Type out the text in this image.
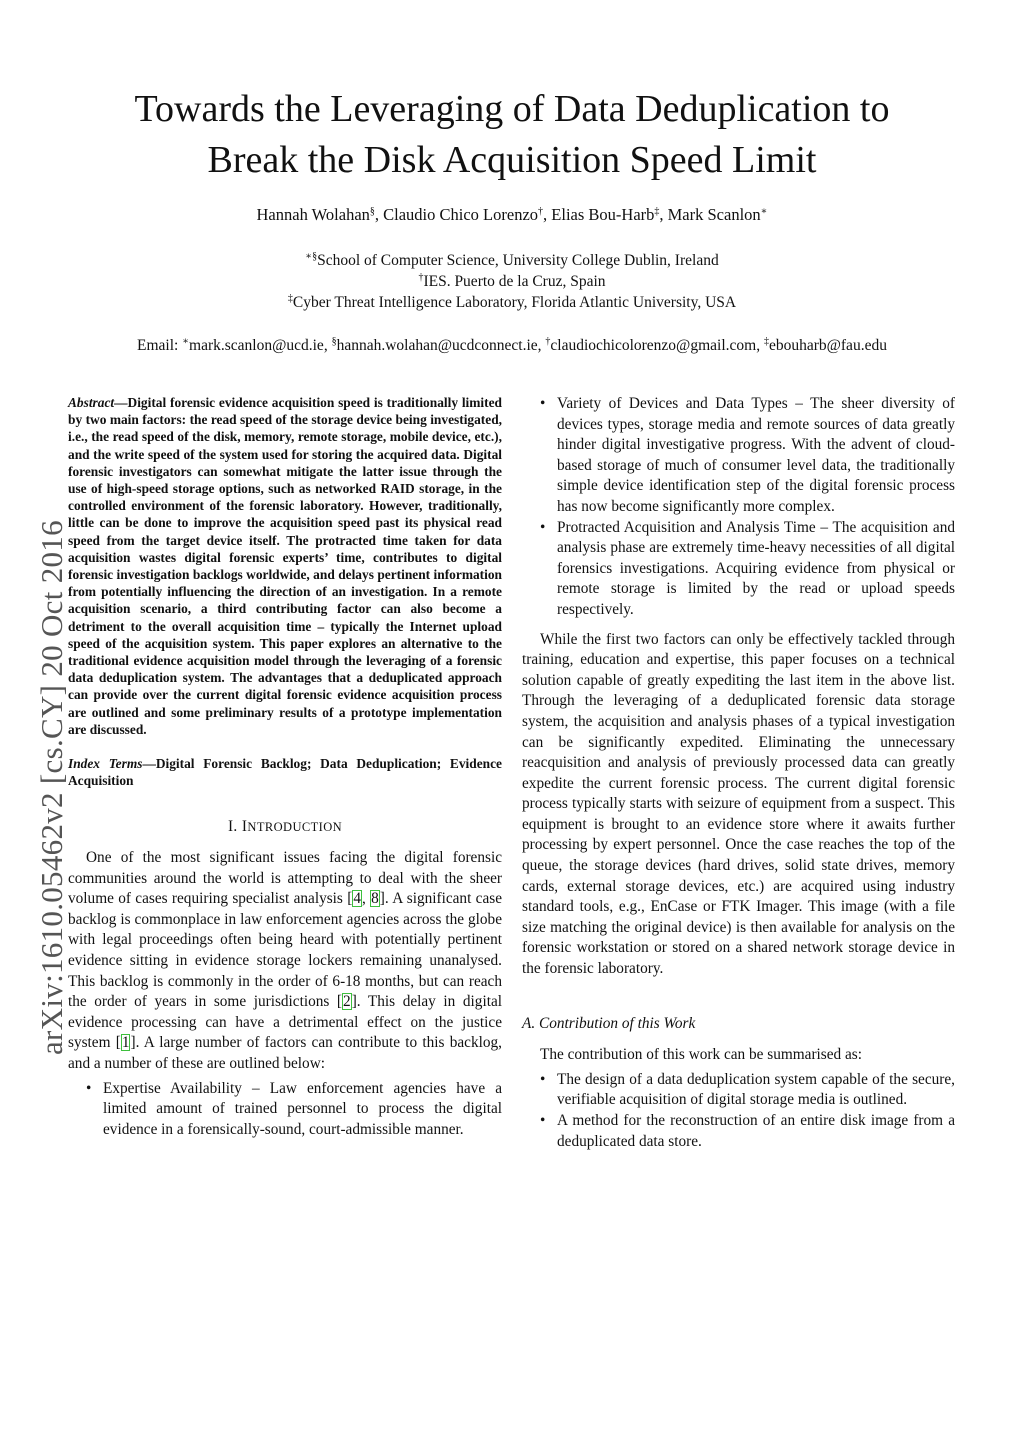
Towards the Leveraging of Data Deduplication to
Break the Disk Acquisition Speed Limit
Hannah Wolahan§, Claudio Chico Lorenzo†, Elias Bou-Harb‡, Mark Scanlon∗
∗§School of Computer Science, University College Dublin, Ireland
†IES. Puerto de la Cruz, Spain
‡Cyber Threat Intelligence Laboratory, Florida Atlantic University, USA
Email: ∗mark.scanlon@ucd.ie, §hannah.wolahan@ucdconnect.ie, †claudiochicolorenzo@gmail.com, ‡ebouharb@fau.edu
arXiv:1610.05462v2 [cs.CY] 20 Oct 2016

Abstract—Digital forensic evidence acquisition speed is traditionally limited by two main factors: the read speed of the storage device being investigated, i.e., the read speed of the disk, memory, remote storage, mobile device, etc.), and the write speed of the system used for storing the acquired data. Digital forensic investigators can somewhat mitigate the latter issue through the use of high-speed storage options, such as networked RAID storage, in the controlled environment of the forensic laboratory. However, traditionally, little can be done to improve the acquisition speed past its physical read speed from the target device itself. The protracted time taken for data acquisition wastes digital forensic experts’ time, contributes to digital forensic investigation backlogs worldwide, and delays pertinent information from potentially influencing the direction of an investigation. In a remote acquisition scenario, a third contributing factor can also become a detriment to the overall acquisition time – typically the Internet upload speed of the acquisition system. This paper explores an alternative to the traditional evidence acquisition model through the leveraging of a forensic data deduplication system. The advantages that a deduplicated approach can provide over the current digital forensic evidence acquisition process are outlined and some preliminary results of a prototype implementation are discussed.

Index Terms—Digital Forensic Backlog; Data Deduplication; Evidence Acquisition

I. INTRODUCTION

One of the most significant issues facing the digital forensic communities around the world is attempting to deal with the sheer volume of cases requiring specialist analysis [4, 8]. A significant case backlog is commonplace in law enforcement agencies across the globe with legal proceedings often being heard with potentially pertinent evidence sitting in evidence storage lockers remaining unanalysed. This backlog is commonly in the order of 6-18 months, but can reach the order of years in some jurisdictions [2]. This delay in digital evidence processing can have a detrimental effect on the justice system [1]. A large number of factors can contribute to this backlog, and a number of these are outlined below:

• Expertise Availability – Law enforcement agencies have a limited amount of trained personnel to process the digital evidence in a forensically-sound, court-admissible manner.
• Variety of Devices and Data Types – The sheer diversity of devices types, storage media and remote sources of data greatly hinder digital investigative progress. With the advent of cloud-based storage of much of consumer level data, the traditionally simple device identification step of the digital forensic process has now become significantly more complex.
• Protracted Acquisition and Analysis Time – The acquisition and analysis phase are extremely time-heavy necessities of all digital forensics investigations. Acquiring evidence from physical or remote storage is limited by the read or upload speeds respectively.

While the first two factors can only be effectively tackled through training, education and expertise, this paper focuses on a technical solution capable of greatly expediting the last item in the above list. Through the leveraging of a deduplicated forensic data storage system, the acquisition and analysis phases of a typical investigation can be significantly expedited. Eliminating the unnecessary reacquisition and analysis of previously processed data can greatly expedite the current forensic process. The current digital forensic process typically starts with seizure of equipment from a suspect. This equipment is brought to an evidence store where it awaits further processing by expert personnel. Once the case reaches the top of the queue, the storage devices (hard drives, solid state drives, memory cards, external storage devices, etc.) are acquired using industry standard tools, e.g., EnCase or FTK Imager. This image (with a file size matching the original device) is then available for analysis on the forensic workstation or stored on a shared network storage device in the forensic laboratory.

A. Contribution of this Work

The contribution of this work can be summarised as:

• The design of a data deduplication system capable of the secure, verifiable acquisition of digital storage media is outlined.
• A method for the reconstruction of an entire disk image from a deduplicated data store.
